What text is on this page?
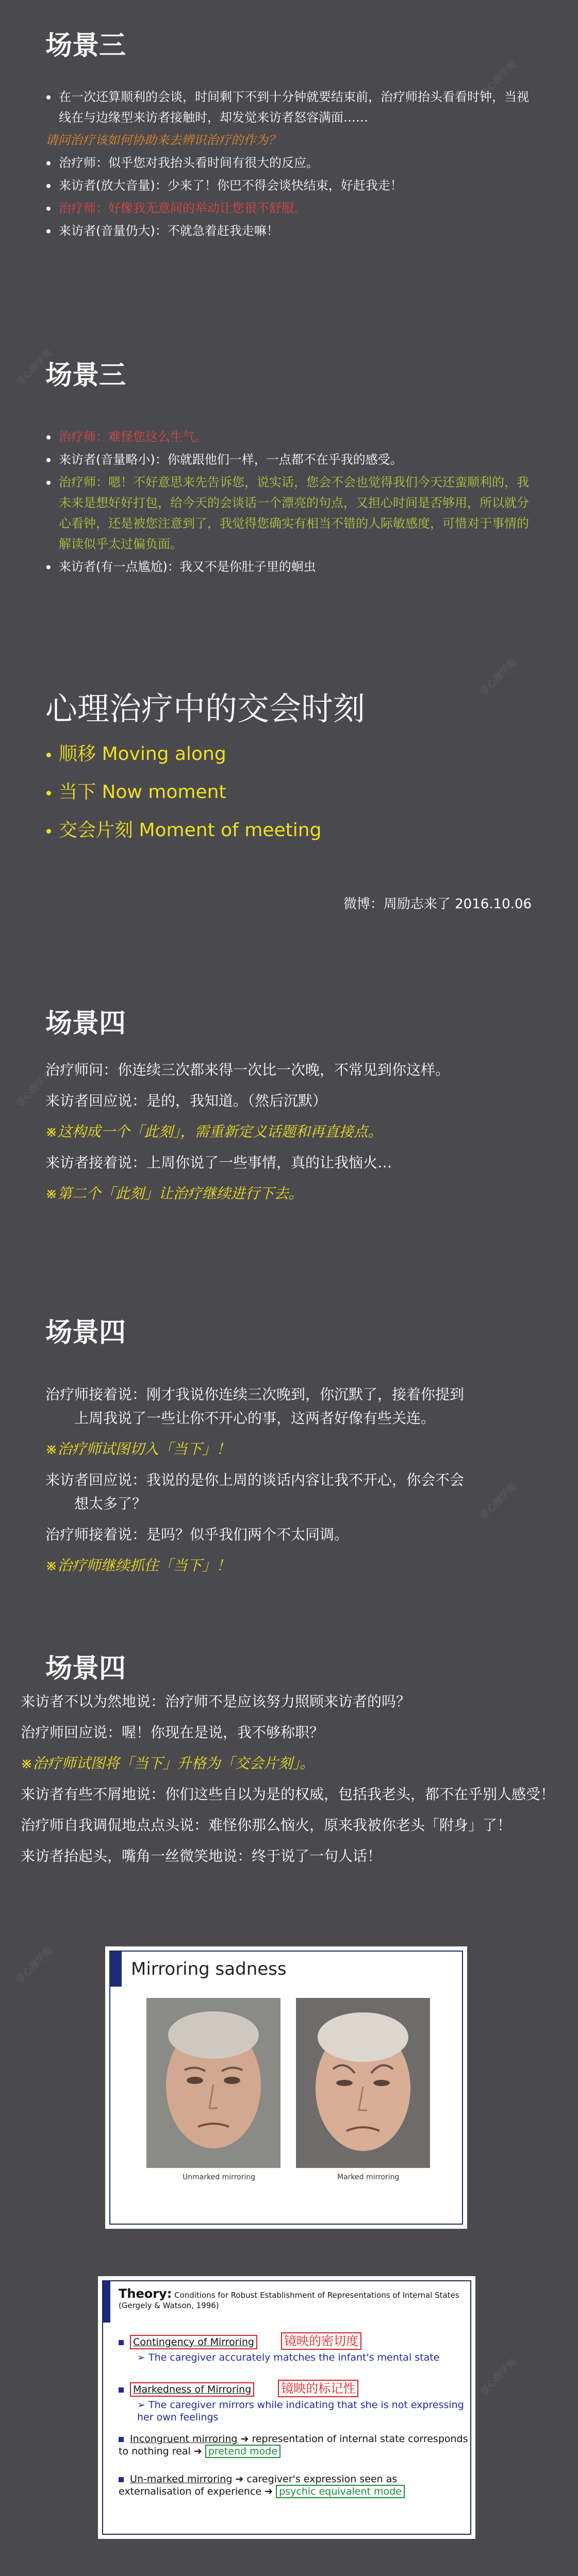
壹心理学苑
壹心理学苑
壹心理学苑
壹心理学苑
壹心理学苑
壹心理学苑
壹心理学苑
场景三
在一次还算顺利的会谈，时间剩下不到十分钟就要结束前，治疗师抬头看看时钟，当视线在与边缘型来访者接触时，却发觉来访者怒容满面……
请问治疗该如何协助来去辨识治疗的作为？
治疗师：似乎您对我抬头看时间有很大的反应。
来访者(放大音量)：少来了！你巴不得会谈快结束，好赶我走！
治疗师：好像我无意间的举动让您很不舒服。
来访者(音量仍大)：不就急着赶我走嘛！
场景三
治疗师：难怪您这么生气。
来访者(音量略小)：你就跟他们一样，一点都不在乎我的感受。
治疗师：嗯！不好意思来先告诉您，说实话，您会不会也觉得我们今天还蛮顺利的，我未来是想好好打包，给今天的会谈话一个漂亮的句点，又担心时间是否够用，所以就分心看钟，还是被您注意到了，我觉得您确实有相当不错的人际敏感度，可惜对于事情的解读似乎太过偏负面。
来访者(有一点尴尬)：我又不是你肚子里的蛔虫
心理治疗中的交会时刻
顺移 Moving along
当下 Now moment
交会片刻 Moment of meeting
微博：周励志来了 2016.10.06
场景四

治疗师问：你连续三次都来得一次比一次晚，不常见到你这样。

来访者回应说：是的，我知道。（然后沉默）

※这构成一个「此刻」，需重新定义话题和再直接点。

来访者接着说：上周你说了一些事情，真的让我恼火…

※第二个「此刻」让治疗继续进行下去。

场景四

治疗师接着说：刚才我说你连续三次晚到，你沉默了，接着你提到

上周我说了一些让你不开心的事，这两者好像有些关连。

※治疗师试图切入「当下」！

来访者回应说：我说的是你上周的谈话内容让我不开心，你会不会

想太多了？

治疗师接着说：是吗？似乎我们两个不太同调。

※治疗师继续抓住「当下」！

场景四

来访者不以为然地说：治疗师不是应该努力照顾来访者的吗？

治疗师回应说：喔！你现在是说，我不够称职？

※治疗师试图将「当下」升格为「交会片刻」。

来访者有些不屑地说：你们这些自以为是的权威，包括我老头，都不在乎别人感受！

治疗师自我调侃地点点头说：难怪你那么恼火，原来我被你老头「附身」了！

来访者抬起头，嘴角一丝微笑地说：终于说了一句人话！

Mirroring sadness
Unmarked mirroring	Marked mirroring
Theory: Conditions for Robust Establishment of Representations of Internal States (Gergely & Watson, 1996)
Contingency of Mirroring 镜映的密切度
➢ The caregiver accurately matches the infant's mental state
Markedness of Mirroring 镜映的标记性
➢ The caregiver mirrors while indicating that she is not expressing her own feelings
Incongruent mirroring ➔ representation of internal state corresponds to nothing real ➔ pretend mode
Un-marked mirroring ➔ caregiver's expression seen as externalisation of experience ➔ psychic equivalent mode
